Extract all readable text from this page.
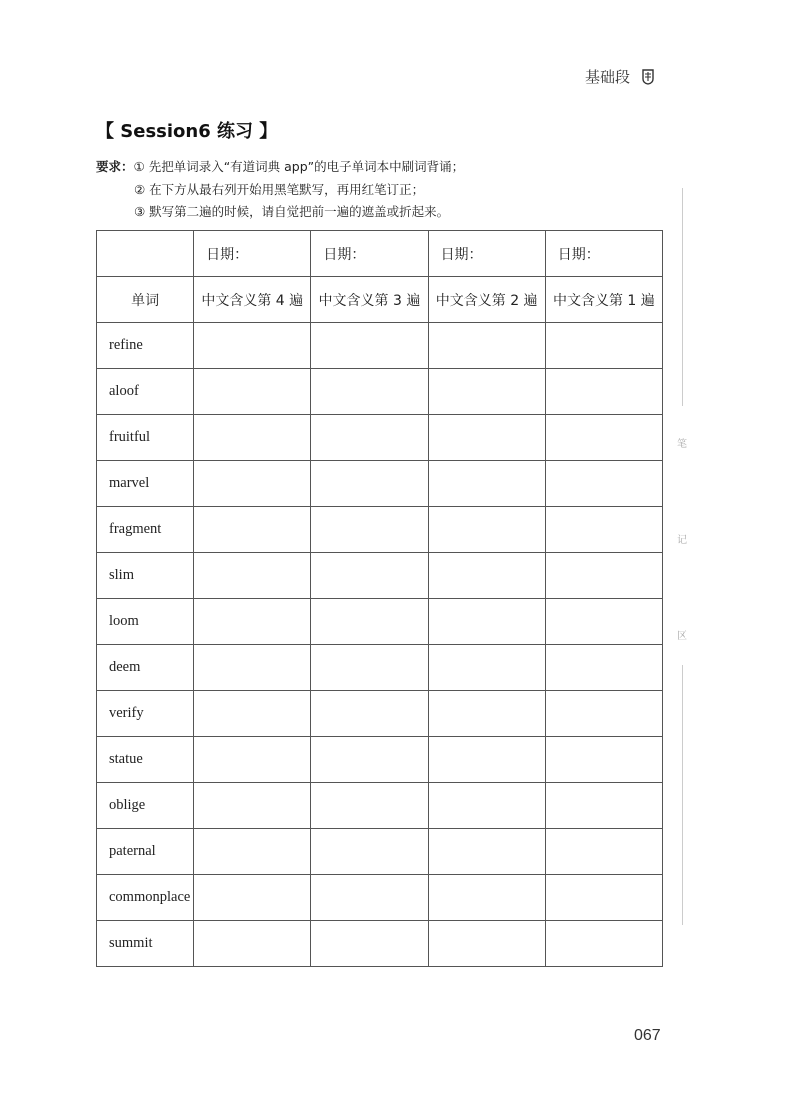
基础段
【 Session6 练习 】
要求：① 先把单词录入“有道词典 app”的电子单词本中刷词背诵；
② 在下方从最右列开始用黑笔默写，再用红笔订正；
③ 默写第二遍的时候，请自觉把前一遍的遮盖或折起来。
	日期：	日期：	日期：	日期：
单词	中文含义第 4 遍	中文含义第 3 遍	中文含义第 2 遍	中文含义第 1 遍
refine				
aloof				
fruitful				
marvel				
fragment				
slim				
loom				
deem				
verify				
statue				
oblige				
paternal				
commonplace				
summit				
笔
记
区
067
